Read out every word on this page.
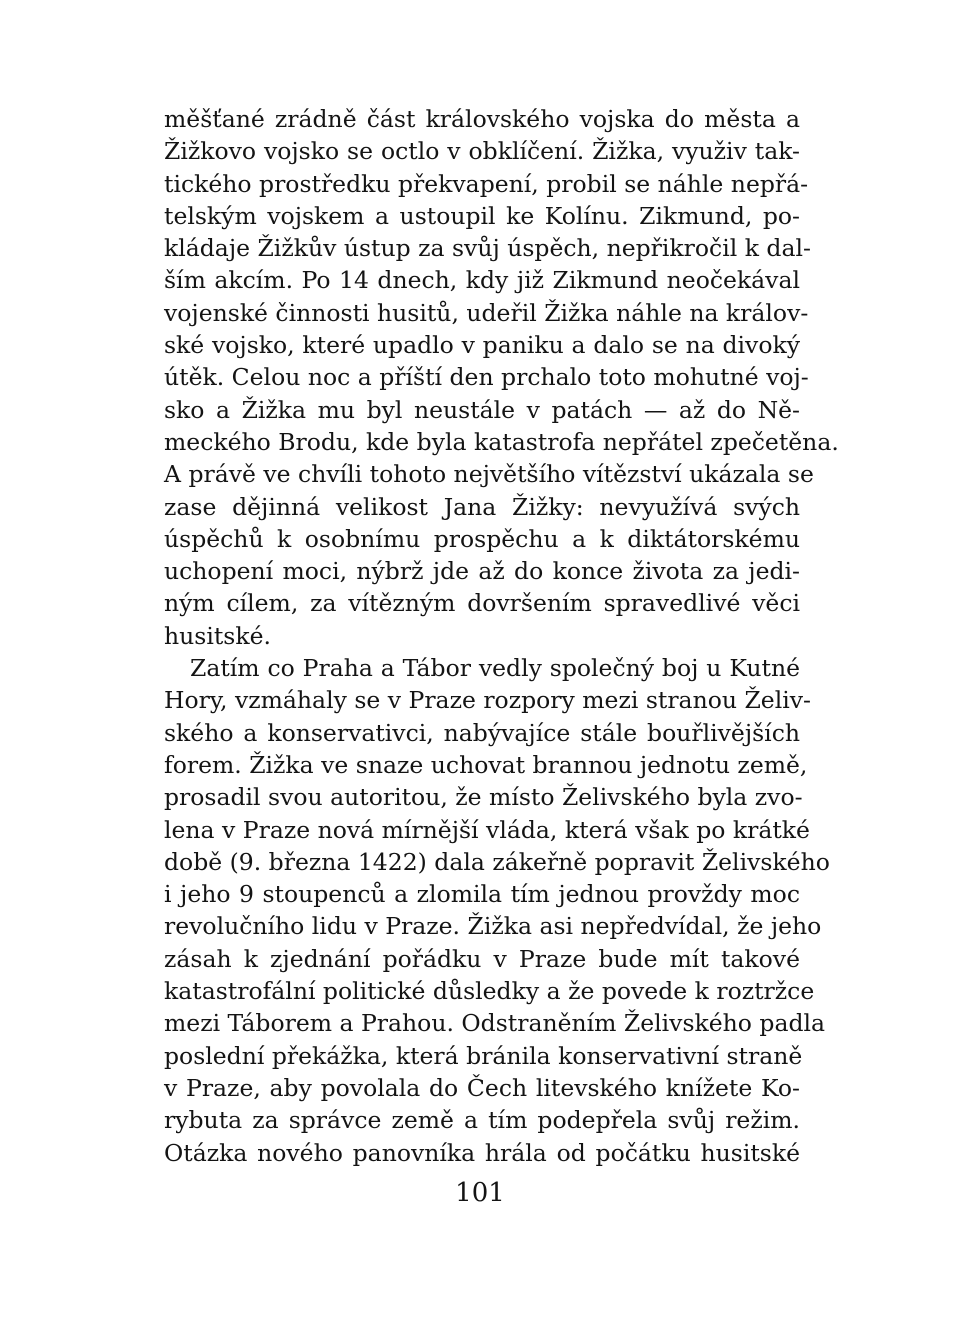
měšťané zrádně část královského vojska do města a
Žižkovo vojsko se octlo v obklíčení. Žižka, využiv tak-
tického prostředku překvapení, probil se náhle nepřá-
telským vojskem a ustoupil ke Kolínu. Zikmund, po-
kládaje Žižkův ústup za svůj úspěch, nepřikročil k dal-
ším akcím. Po 14 dnech, kdy již Zikmund neočekával
vojenské činnosti husitů, udeřil Žižka náhle na králov-
ské vojsko, které upadlo v paniku a dalo se na divoký
útěk. Celou noc a příští den prchalo toto mohutné voj-
sko a Žižka mu byl neustále v patách — až do Ně-
meckého Brodu, kde byla katastrofa nepřátel zpečetěna.
A právě ve chvíli tohoto největšího vítězství ukázala se
zase dějinná velikost Jana Žižky: nevyužívá svých
úspěchů k osobnímu prospěchu a k diktátorskému
uchopení moci, nýbrž jde až do konce života za jedi-
ným cílem, za vítězným dovršením spravedlivé věci
husitské.
Zatím co Praha a Tábor vedly společný boj u Kutné
Hory, vzmáhaly se v Praze rozpory mezi stranou Želiv-
ského a konservativci, nabývajíce stále bouřlivějších
forem. Žižka ve snaze uchovat brannou jednotu země,
prosadil svou autoritou, že místo Želivského byla zvo-
lena v Praze nová mírnější vláda, která však po krátké
době (9. března 1422) dala zákeřně popravit Želivského
i jeho 9 stoupenců a zlomila tím jednou provždy moc
revolučního lidu v Praze. Žižka asi nepředvídal, že jeho
zásah k zjednání pořádku v Praze bude mít takové
katastrofální politické důsledky a že povede k roztržce
mezi Táborem a Prahou. Odstraněním Želivského padla
poslední překážka, která bránila konservativní straně
v Praze, aby povolala do Čech litevského knížete Ko-
rybuta za správce země a tím podepřela svůj režim.
Otázka nového panovníka hrála od počátku husitské
101
